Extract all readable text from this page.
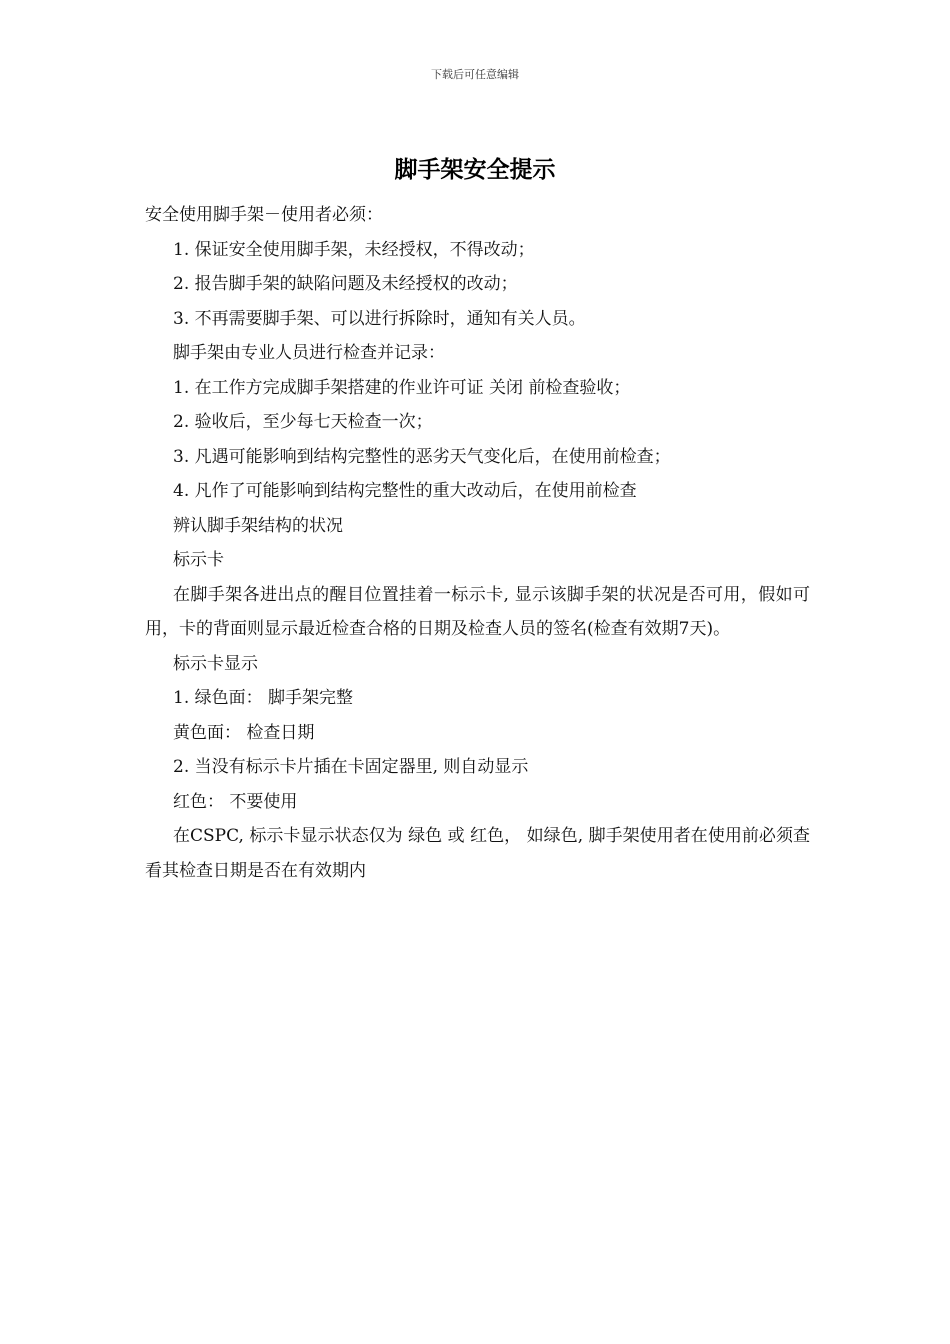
下载后可任意编辑
脚手架安全提示
安全使用脚手架－使用者必须：
1. 保证安全使用脚手架，未经授权，不得改动；
2. 报告脚手架的缺陷问题及未经授权的改动；
3. 不再需要脚手架、可以进行拆除时，通知有关人员。
脚手架由专业人员进行检查并记录：
1. 在工作方完成脚手架搭建的作业许可证 关闭 前检查验收；
2. 验收后，至少每七天检查一次；
3. 凡遇可能影响到结构完整性的恶劣天气变化后，在使用前检查；
4. 凡作了可能影响到结构完整性的重大改动后，在使用前检查
辨认脚手架结构的状况
标示卡
在脚手架各进出点的醒目位置挂着一标示卡, 显示该脚手架的状况是否可用，假如可用，卡的背面则显示最近检查合格的日期及检查人员的签名(检查有效期7天)。
标示卡显示
1. 绿色面： 脚手架完整
黄色面： 检查日期
2. 当没有标示卡片插在卡固定器里, 则自动显示
红色： 不要使用
在CSPC, 标示卡显示状态仅为 绿色 或 红色， 如绿色, 脚手架使用者在使用前必须查看其检查日期是否在有效期内
